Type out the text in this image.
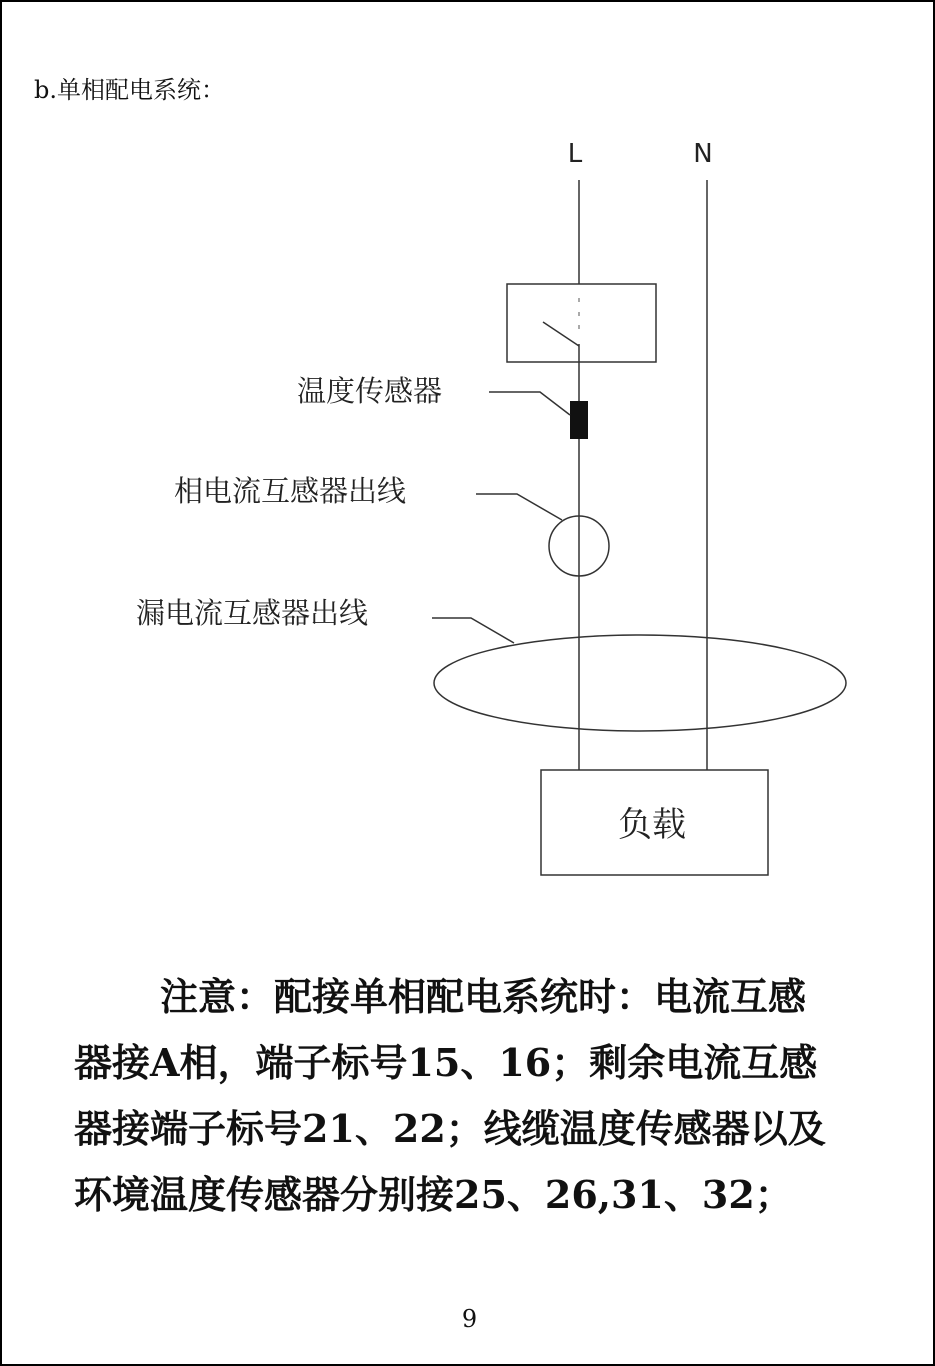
b.单相配电系统：
L	N
温度传感器
相电流互感器出线
漏电流互感器出线
负载
注意：配接单相配电系统时：电流互感
器接A相，端子标号15、16；剩余电流互感
器接端子标号21、22；线缆温度传感器以及
环境温度传感器分别接25、26,31、32；
9
